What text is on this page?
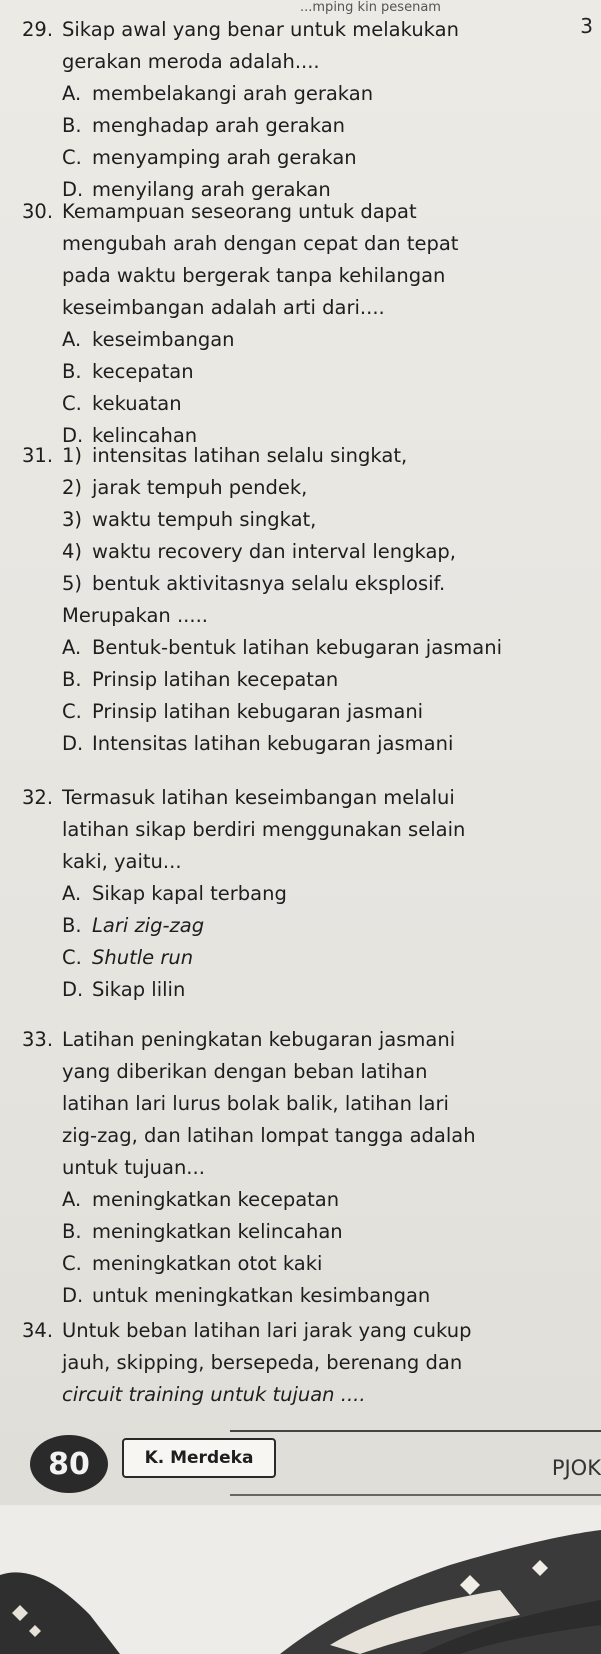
...mping kin pesenam
29. Sikap awal yang benar untuk melakukan
gerakan meroda adalah....
A. membelakangi arah gerakan
B. menghadap arah gerakan
C. menyamping arah gerakan
D. menyilang arah gerakan
3
30. Kemampuan seseorang untuk dapat
mengubah arah dengan cepat dan tepat
pada waktu bergerak tanpa kehilangan
keseimbangan adalah arti dari....
A. keseimbangan
B. kecepatan
C. kekuatan
D. kelincahan
31. 1) intensitas latihan selalu singkat,
2) jarak tempuh pendek,
3) waktu tempuh singkat,
4) waktu recovery dan interval lengkap,
5) bentuk aktivitasnya selalu eksplosif.
Merupakan .....
A. Bentuk-bentuk latihan kebugaran jasmani
B. Prinsip latihan kecepatan
C. Prinsip latihan kebugaran jasmani
D. Intensitas latihan kebugaran jasmani
32. Termasuk latihan keseimbangan melalui
latihan sikap berdiri menggunakan selain
kaki, yaitu...
A. Sikap kapal terbang
B. Lari zig-zag
C. Shutle run
D. Sikap lilin
33. Latihan peningkatan kebugaran jasmani
yang diberikan dengan beban latihan
latihan lari lurus bolak balik, latihan lari
zig-zag, dan latihan lompat tangga adalah
untuk tujuan...
A. meningkatkan kecepatan
B. meningkatkan kelincahan
C. meningkatkan otot kaki
D. untuk meningkatkan kesimbangan
34. Untuk beban latihan lari jarak yang cukup
jauh, skipping, bersepeda, berenang dan
circuit training untuk tujuan ....
80	K. Merdeka	PJOK
